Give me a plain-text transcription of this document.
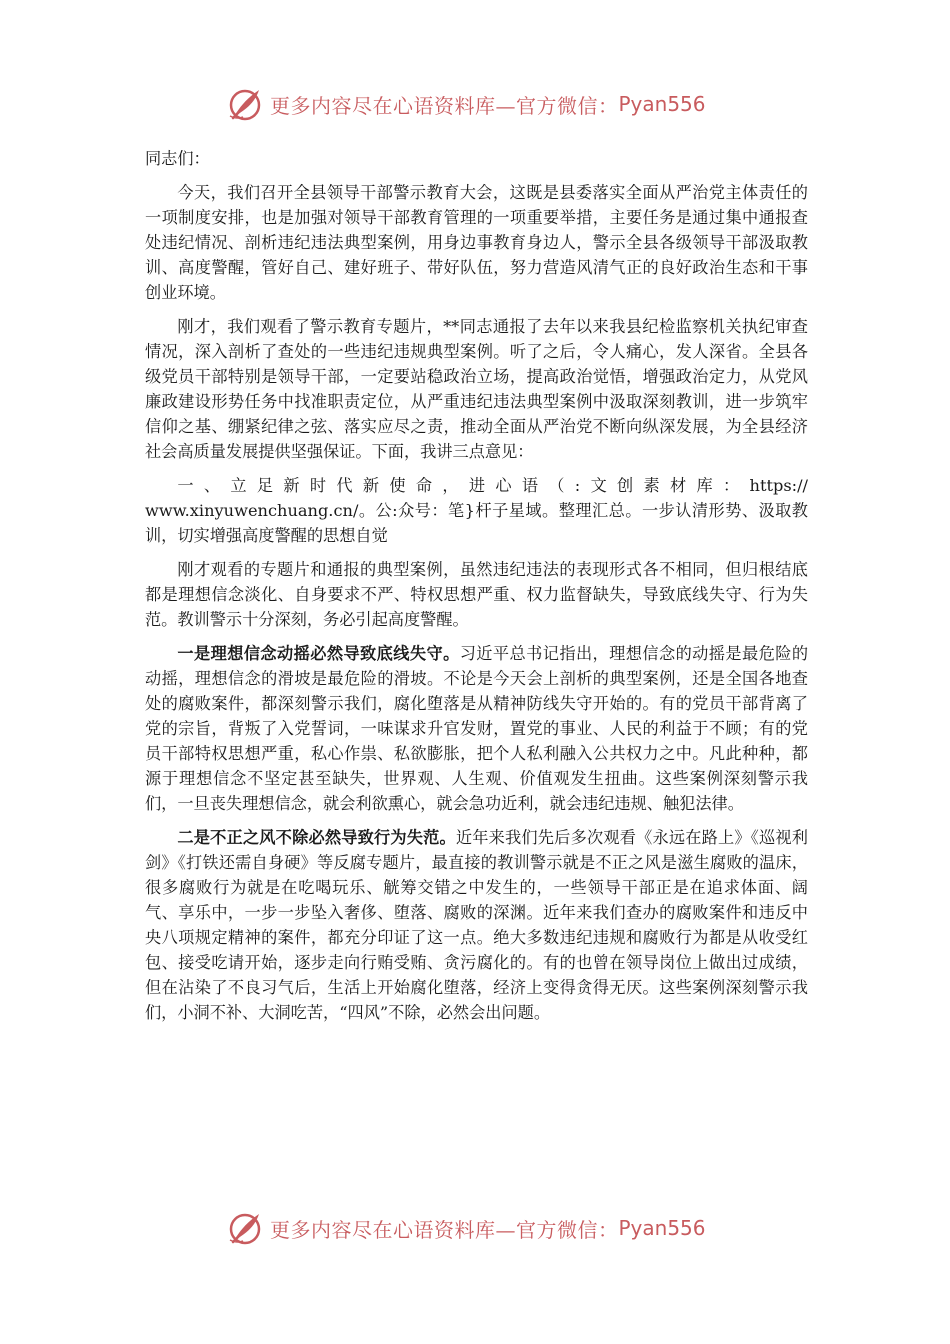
更多内容尽在心语资料库—官方微信： Pyan556

同志们：

今天，我们召开全县领导干部警示教育大会，这既是县委落实全面从严治党主体责任的一项制度安排，也是加强对领导干部教育管理的一项重要举措，主要任务是通过集中通报查处违纪情况、剖析违纪违法典型案例，用身边事教育身边人，警示全县各级领导干部汲取教训、高度警醒，管好自己、建好班子、带好队伍，努力营造风清气正的良好政治生态和干事创业环境。

刚才，我们观看了警示教育专题片，**同志通报了去年以来我县纪检监察机关执纪审查情况，深入剖析了查处的一些违纪违规典型案例。听了之后，令人痛心，发人深省。全县各级党员干部特别是领导干部，一定要站稳政治立场，提高政治觉悟，增强政治定力，从党风廉政建设形势任务中找准职责定位，从严重违纪违法典型案例中汲取深刻教训，进一步筑牢信仰之基、绷紧纪律之弦、落实应尽之责，推动全面从严治党不断向纵深发展，为全县经济社会高质量发展提供坚强保证。下面，我讲三点意见：

一、立足新时代新使命，进心语（:文创素材库：https://
www.xinyuwenchuang.cn/。公:众号：笔}杆子星域。整理汇总。一步认清形势、汲取教训，切实增强高度警醒的思想自觉

刚才观看的专题片和通报的典型案例，虽然违纪违法的表现形式各不相同，但归根结底都是理想信念淡化、自身要求不严、特权思想严重、权力监督缺失，导致底线失守、行为失范。教训警示十分深刻，务必引起高度警醒。

一是理想信念动摇必然导致底线失守。习近平总书记指出，理想信念的动摇是最危险的动摇，理想信念的滑坡是最危险的滑坡。不论是今天会上剖析的典型案例，还是全国各地查处的腐败案件，都深刻警示我们，腐化堕落是从精神防线失守开始的。有的党员干部背离了党的宗旨，背叛了入党誓词，一味谋求升官发财，置党的事业、人民的利益于不顾；有的党员干部特权思想严重，私心作祟、私欲膨胀，把个人私利融入公共权力之中。凡此种种，都源于理想信念不坚定甚至缺失，世界观、人生观、价值观发生扭曲。这些案例深刻警示我们，一旦丧失理想信念，就会利欲熏心，就会急功近利，就会违纪违规、触犯法律。

二是不正之风不除必然导致行为失范。近年来我们先后多次观看《永远在路上》《巡视利剑》《打铁还需自身硬》等反腐专题片，最直接的教训警示就是不正之风是滋生腐败的温床，很多腐败行为就是在吃喝玩乐、觥筹交错之中发生的，一些领导干部正是在追求体面、阔气、享乐中，一步一步坠入奢侈、堕落、腐败的深渊。近年来我们查办的腐败案件和违反中央八项规定精神的案件，都充分印证了这一点。绝大多数违纪违规和腐败行为都是从收受红包、接受吃请开始，逐步走向行贿受贿、贪污腐化的。有的也曾在领导岗位上做出过成绩，但在沾染了不良习气后，生活上开始腐化堕落，经济上变得贪得无厌。这些案例深刻警示我们，小洞不补、大洞吃苦，“四风”不除，必然会出问题。

更多内容尽在心语资料库—官方微信： Pyan556
